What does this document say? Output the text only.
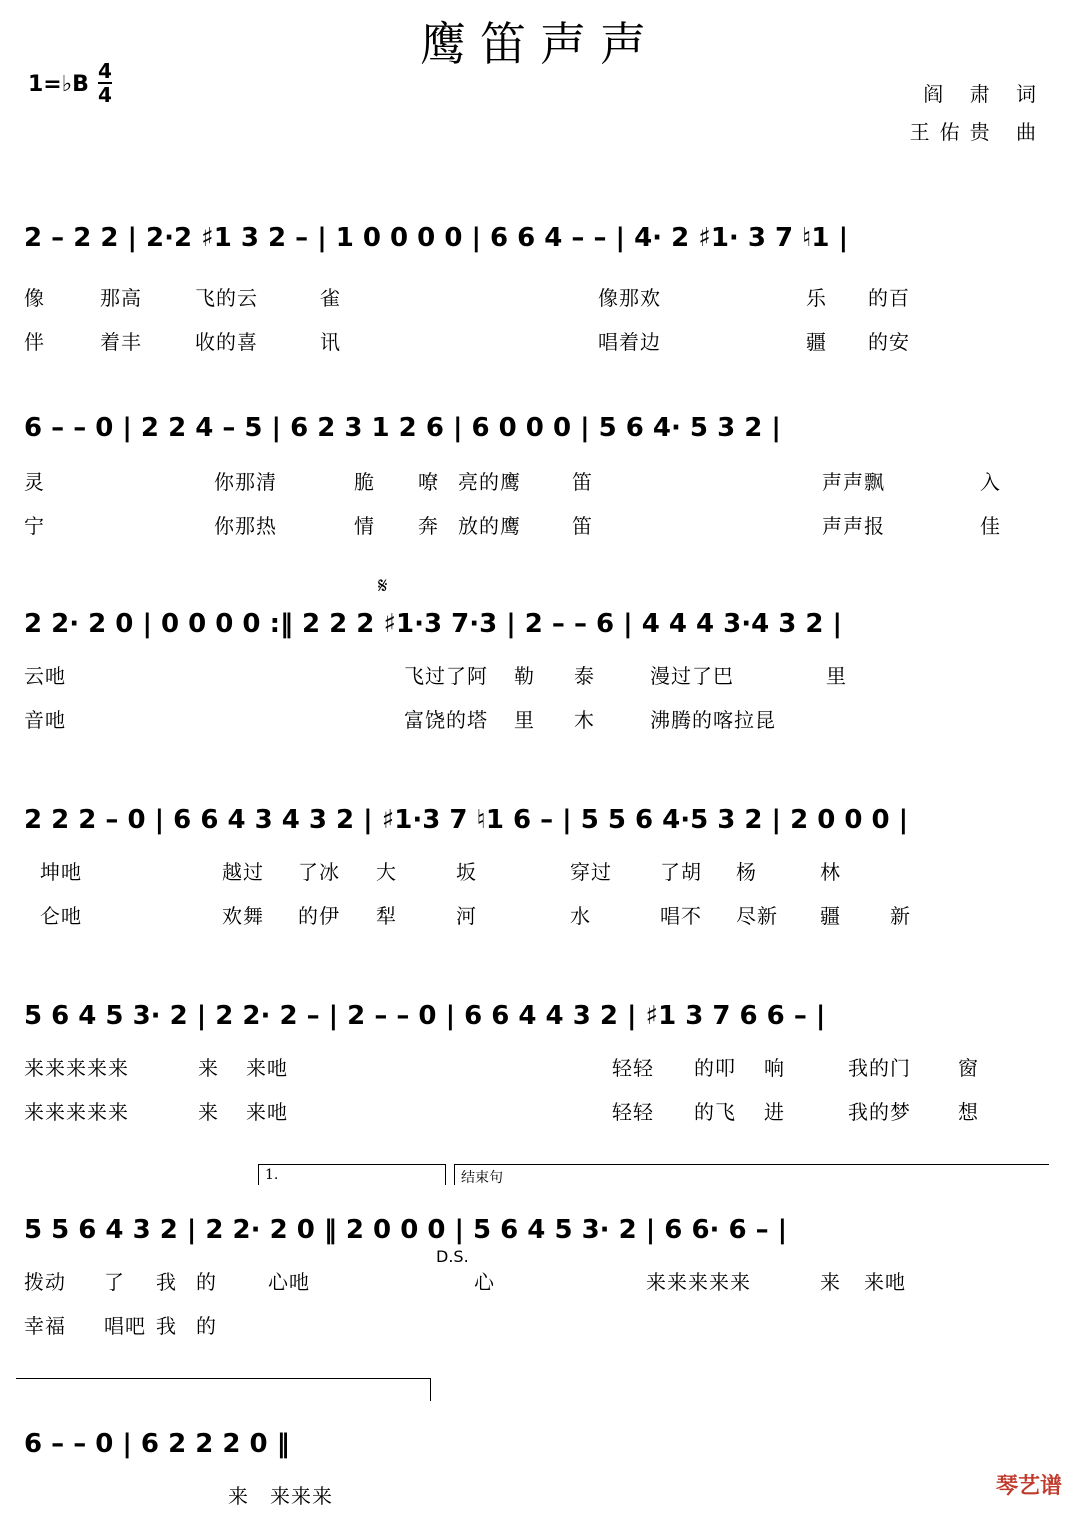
鹰笛声声
1=♭B
4
4	阎 肃 词
王佑贵 曲
2 – 2 2 | 2·2 ♯1 3 2 – | 1 0 0 0 0 | 6 6 4 – – | 4· 2 ♯1· 3 7 ♮1 |
6 – – 0 | 2 2 4 – 5 | 6 2 3 1 2 6 | 6 0 0 0 | 5 6 4· 5 3 2 |
2 2· 2 0 | 0 0 0 0 :‖ 2 2 2 ♯1·3 7·3 | 2 – – 6 | 4 4 4 3·4 3 2 |
2 2 2 – 0 | 6 6 4 3 4 3 2 | ♯1·3 7 ♮1 6 – | 5 5 6 4·5 3 2 | 2 0 0 0 |
5 6 4 5 3· 2 | 2 2· 2 – | 2 – – 0 | 6 6 4 4 3 2 | ♯1 3 7 6 6 – |
1.	结束句
5 5 6 4 3 2 | 2 2· 2 0 ‖ 2 0 0 0 | 5 6 4 5 3· 2 | 6 6· 6 – |
D.S.
𝄋
6 – – 0 | 6 2 2 2 0 ‖
琴艺谱
像	那高	飞的云	雀	像那欢	乐 的百
伴	着丰	收的喜	讯	唱着边	疆 的安
灵	你那清	脆 嘹 亮的鹰	笛	声声飘	入
宁	你那热	情 奔 放的鹰	笛	声声报	佳
云吔	飞过了阿 勒 泰	漫过了巴	里
音吔	富饶的塔 里 木	沸腾的喀拉昆
坤吔	越过 了冰 大	坂	穿过 了胡 杨	林
仑吔	欢舞 的伊 犁	河	水	唱不 尽新 疆 新
来来来来来	来 来吔	轻轻 的叩 响	我的门 窗
来来来来来	来 来吔	轻轻 的飞 进	我的梦 想
拨动 了 我 的	心吔	心	来来来来来	来 来吔
幸福 唱吧 我 的
来 来来来
